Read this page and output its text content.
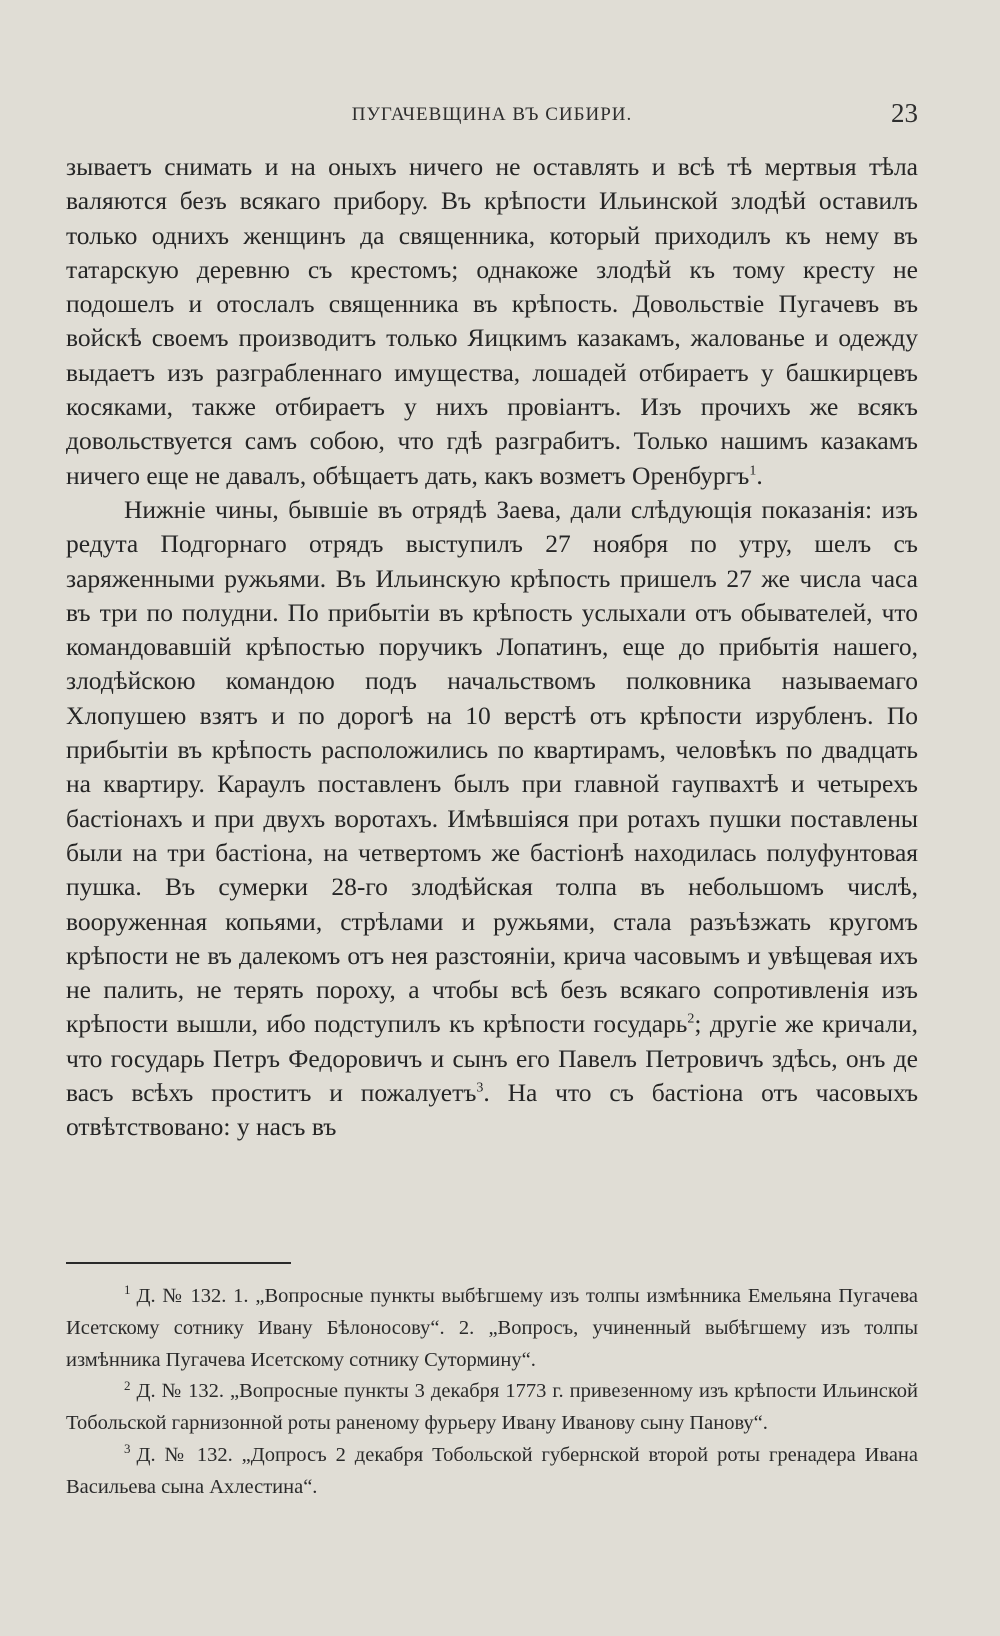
ПУГАЧЕВЩИНА ВЪ СИБИРИ.	23

зываетъ снимать и на оныхъ ничего не оставлять и всѣ тѣ мертвыя тѣла валяются безъ всякаго прибору. Въ крѣпости Ильинской злодѣй оставилъ только однихъ женщинъ да священника, который приходилъ къ нему въ татарскую деревню съ крестомъ; однакоже злодѣй къ тому кресту не подошелъ и отослалъ священника въ крѣпость. Довольствіе Пугачевъ въ войскѣ своемъ производитъ только Яицкимъ казакамъ, жалованье и одежду выдаетъ изъ разграбленнаго имущества, лошадей отбираетъ у башкирцевъ косяками, также отбираетъ у нихъ провіантъ. Изъ прочихъ же всякъ довольствуется самъ собою, что гдѣ разграбитъ. Только нашимъ казакамъ ничего еще не давалъ, обѣщаетъ дать, какъ возметъ Оренбургъ$^1$.

Нижніе чины, бывшіе въ отрядѣ Заева, дали слѣдующія показанія: изъ редута Подгорнаго отрядъ выступилъ 27 ноября по утру, шелъ съ заряженными ружьями. Въ Ильинскую крѣпость пришелъ 27 же числа часа въ три по полудни. По прибытіи въ крѣпость услыхали отъ обывателей, что командовавшій крѣпостью поручикъ Лопатинъ, еще до прибытія нашего, злодѣйскою командою подъ начальствомъ полковника называемаго Хлопушею взятъ и по дорогѣ на 10 верстѣ отъ крѣпости изрубленъ. По прибытіи въ крѣпость расположились по квартирамъ, человѣкъ по двадцать на квартиру. Караулъ поставленъ былъ при главной гаупвахтѣ и четырехъ бастіонахъ и при двухъ воротахъ. Имѣвшіяся при ротахъ пушки поставлены были на три бастіона, на четвертомъ же бастіонѣ находилась полуфунтовая пушка. Въ сумерки 28-го злодѣйская толпа въ небольшомъ числѣ, вооруженная копьями, стрѣлами и ружьями, стала разъѣзжать кругомъ крѣпости не въ далекомъ отъ нея разстояніи, крича часовымъ и увѣщевая ихъ не палить, не терять пороху, а чтобы всѣ безъ всякаго сопротивленія изъ крѣпости вышли, ибо подступилъ къ крѣпости государь$^2$; другіе же кричали, что государь Петръ Федоровичъ и сынъ его Павелъ Петровичъ здѣсь, онъ де васъ всѣхъ проститъ и пожалуетъ$^3$. На что съ бастіона отъ часовыхъ отвѣтствовано: у насъ въ

$^1$ Д. № 132. 1. „Вопросные пункты выбѣгшему изъ толпы измѣнника Емельяна Пугачева Исетскому сотнику Ивану Бѣлоносову“. 2. „Вопросъ, учиненный выбѣгшему изъ толпы измѣнника Пугачева Исетскому сотнику Сутормину“.

$^2$ Д. № 132. „Вопросные пункты 3 декабря 1773 г. привезенному изъ крѣпости Ильинской Тобольской гарнизонной роты раненому фурьеру Ивану Иванову сыну Панову“.

$^3$ Д. № 132. „Допросъ 2 декабря Тобольской губернской второй роты гренадера Ивана Васильева сына Ахлестина“.
